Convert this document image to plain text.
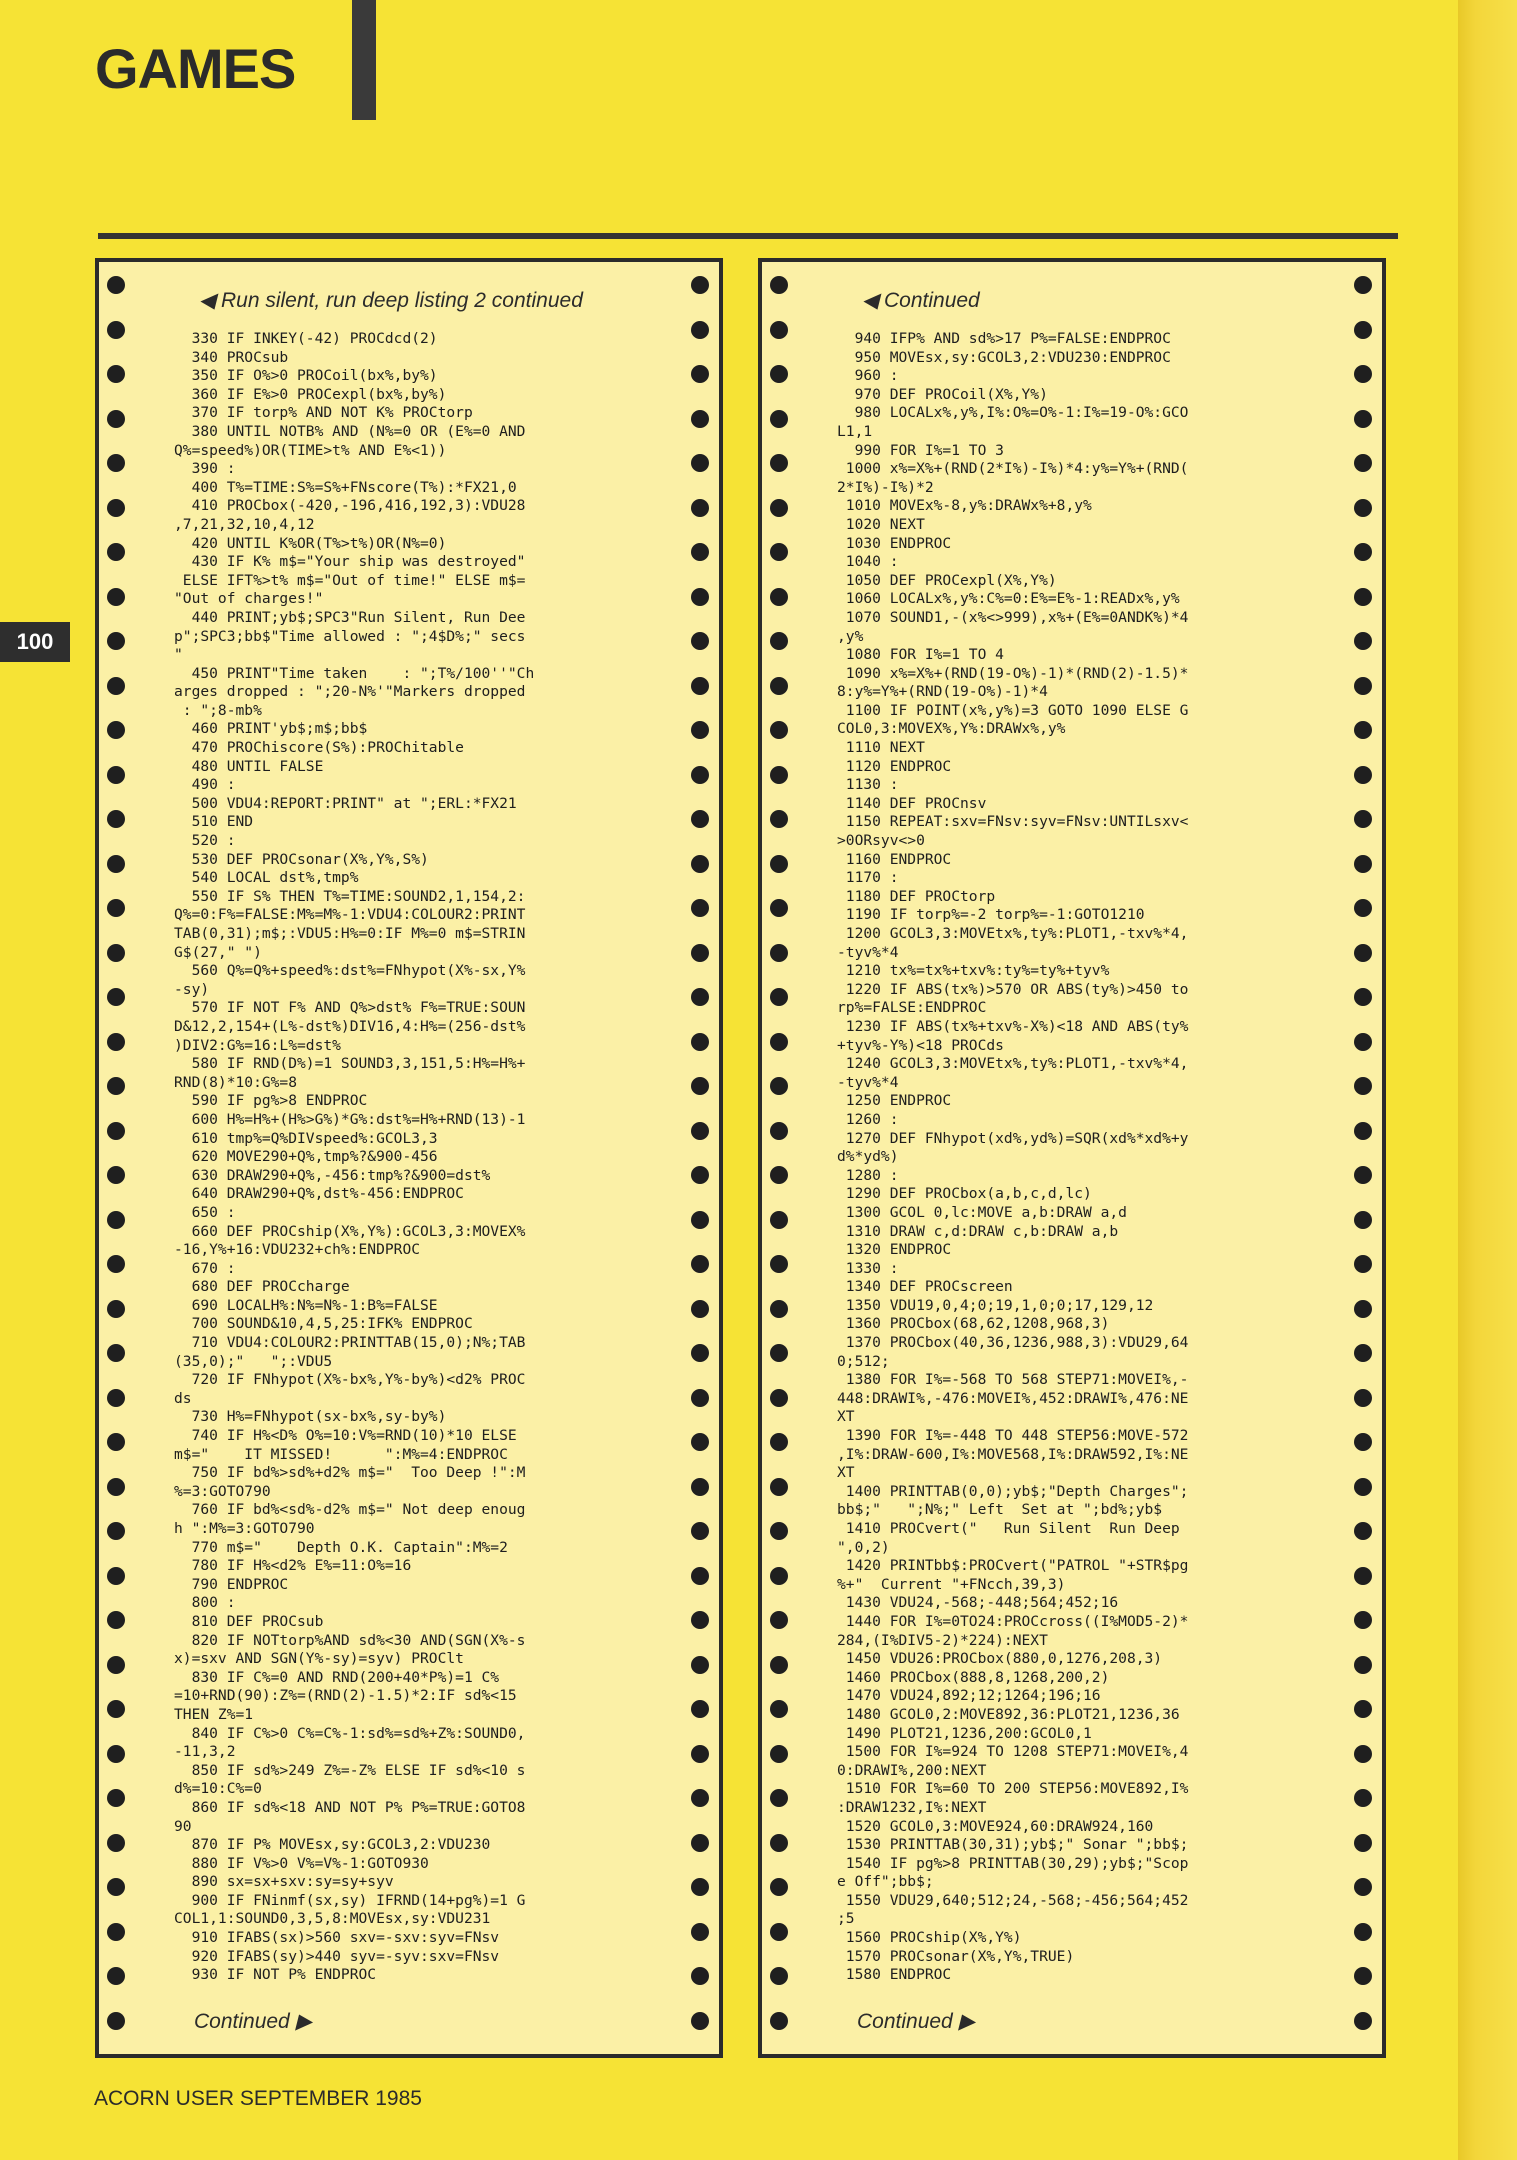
GAMES
100
◀ Run silent, run deep listing 2 continued
330 IF INKEY(-42) PROCdcd(2)
340 PROCsub
350 IF O%>0 PROCoil(bx%,by%)
360 IF E%>0 PROCexpl(bx%,by%)
370 IF torp% AND NOT K% PROCtorp
380 UNTIL NOTB% AND (N%=0 OR (E%=0 AND
Q%=speed%)OR(TIME>t% AND E%<1))
390 :
400 T%=TIME:S%=S%+FNscore(T%):*FX21,0
410 PROCbox(-420,-196,416,192,3):VDU28
,7,21,32,10,4,12
420 UNTIL K%OR(T%>t%)OR(N%=0)
430 IF K% m$="Your ship was destroyed"
ELSE IFT%>t% m$="Out of time!" ELSE m$=
"Out of charges!"
440 PRINT;yb$;SPC3"Run Silent, Run Dee
p";SPC3;bb$"Time allowed : ";4$D%;" secs
"
450 PRINT"Time taken    : ";T%/100''"Ch
arges dropped : ";20-N%'"Markers dropped
: ";8-mb%
460 PRINT'yb$;m$;bb$
470 PROChiscore(S%):PROChitable
480 UNTIL FALSE
490 :
500 VDU4:REPORT:PRINT" at ";ERL:*FX21
510 END
520 :
530 DEF PROCsonar(X%,Y%,S%)
540 LOCAL dst%,tmp%
550 IF S% THEN T%=TIME:SOUND2,1,154,2:
Q%=0:F%=FALSE:M%=M%-1:VDU4:COLOUR2:PRINT
TAB(0,31);m$;:VDU5:H%=0:IF M%=0 m$=STRIN
G$(27," ")
560 Q%=Q%+speed%:dst%=FNhypot(X%-sx,Y%
-sy)
570 IF NOT F% AND Q%>dst% F%=TRUE:SOUN
D&12,2,154+(L%-dst%)DIV16,4:H%=(256-dst%
)DIV2:G%=16:L%=dst%
580 IF RND(D%)=1 SOUND3,3,151,5:H%=H%+
RND(8)*10:G%=8
590 IF pg%>8 ENDPROC
600 H%=H%+(H%>G%)*G%:dst%=H%+RND(13)-1
610 tmp%=Q%DIVspeed%:GCOL3,3
620 MOVE290+Q%,tmp%?&900-456
630 DRAW290+Q%,-456:tmp%?&900=dst%
640 DRAW290+Q%,dst%-456:ENDPROC
650 :
660 DEF PROCship(X%,Y%):GCOL3,3:MOVEX%
-16,Y%+16:VDU232+ch%:ENDPROC
670 :
680 DEF PROCcharge
690 LOCALH%:N%=N%-1:B%=FALSE
700 SOUND&10,4,5,25:IFK% ENDPROC
710 VDU4:COLOUR2:PRINTTAB(15,0);N%;TAB
(35,0);"   ";:VDU5
720 IF FNhypot(X%-bx%,Y%-by%)<d2% PROC
ds
730 H%=FNhypot(sx-bx%,sy-by%)
740 IF H%<D% O%=10:V%=RND(10)*10 ELSE
m$="    IT MISSED!      ":M%=4:ENDPROC
750 IF bd%>sd%+d2% m$="  Too Deep !":M
%=3:GOTO790
760 IF bd%<sd%-d2% m$=" Not deep enoug
h ":M%=3:GOTO790
770 m$="    Depth O.K. Captain":M%=2
780 IF H%<d2% E%=11:O%=16
790 ENDPROC
800 :
810 DEF PROCsub
820 IF NOTtorp%AND sd%<30 AND(SGN(X%-s
x)=sxv AND SGN(Y%-sy)=syv) PROClt
830 IF C%=0 AND RND(200+40*P%)=1 C%
=10+RND(90):Z%=(RND(2)-1.5)*2:IF sd%<15
THEN Z%=1
840 IF C%>0 C%=C%-1:sd%=sd%+Z%:SOUND0,
-11,3,2
850 IF sd%>249 Z%=-Z% ELSE IF sd%<10 s
d%=10:C%=0
860 IF sd%<18 AND NOT P% P%=TRUE:GOTO8
90
870 IF P% MOVEsx,sy:GCOL3,2:VDU230
880 IF V%>0 V%=V%-1:GOTO930
890 sx=sx+sxv:sy=sy+syv
900 IF FNinmf(sx,sy) IFRND(14+pg%)=1 G
COL1,1:SOUND0,3,5,8:MOVEsx,sy:VDU231
910 IFABS(sx)>560 sxv=-sxv:syv=FNsv
920 IFABS(sy)>440 syv=-syv:sxv=FNsv
930 IF NOT P% ENDPROC

Continued ▶
◀ Continued
940 IFP% AND sd%>17 P%=FALSE:ENDPROC
950 MOVEsx,sy:GCOL3,2:VDU230:ENDPROC
960 :
970 DEF PROCoil(X%,Y%)
980 LOCALx%,y%,I%:O%=O%-1:I%=19-O%:GCO
L1,1
990 FOR I%=1 TO 3
1000 x%=X%+(RND(2*I%)-I%)*4:y%=Y%+(RND(
2*I%)-I%)*2
1010 MOVEx%-8,y%:DRAWx%+8,y%
1020 NEXT
1030 ENDPROC
1040 :
1050 DEF PROCexpl(X%,Y%)
1060 LOCALx%,y%:C%=0:E%=E%-1:READx%,y%
1070 SOUND1,-(x%<>999),x%+(E%=0ANDK%)*4
,y%
1080 FOR I%=1 TO 4
1090 x%=X%+(RND(19-O%)-1)*(RND(2)-1.5)*
8:y%=Y%+(RND(19-O%)-1)*4
1100 IF POINT(x%,y%)=3 GOTO 1090 ELSE G
COL0,3:MOVEX%,Y%:DRAWx%,y%
1110 NEXT
1120 ENDPROC
1130 :
1140 DEF PROCnsv
1150 REPEAT:sxv=FNsv:syv=FNsv:UNTILsxv<
>0ORsyv<>0
1160 ENDPROC
1170 :
1180 DEF PROCtorp
1190 IF torp%=-2 torp%=-1:GOTO1210
1200 GCOL3,3:MOVEtx%,ty%:PLOT1,-txv%*4,
-tyv%*4
1210 tx%=tx%+txv%:ty%=ty%+tyv%
1220 IF ABS(tx%)>570 OR ABS(ty%)>450 to
rp%=FALSE:ENDPROC
1230 IF ABS(tx%+txv%-X%)<18 AND ABS(ty%
+tyv%-Y%)<18 PROCds
1240 GCOL3,3:MOVEtx%,ty%:PLOT1,-txv%*4,
-tyv%*4
1250 ENDPROC
1260 :
1270 DEF FNhypot(xd%,yd%)=SQR(xd%*xd%+y
d%*yd%)
1280 :
1290 DEF PROCbox(a,b,c,d,lc)
1300 GCOL 0,lc:MOVE a,b:DRAW a,d
1310 DRAW c,d:DRAW c,b:DRAW a,b
1320 ENDPROC
1330 :
1340 DEF PROCscreen
1350 VDU19,0,4;0;19,1,0;0;17,129,12
1360 PROCbox(68,62,1208,968,3)
1370 PROCbox(40,36,1236,988,3):VDU29,64
0;512;
1380 FOR I%=-568 TO 568 STEP71:MOVEI%,-
448:DRAWI%,-476:MOVEI%,452:DRAWI%,476:NE
XT
1390 FOR I%=-448 TO 448 STEP56:MOVE-572
,I%:DRAW-600,I%:MOVE568,I%:DRAW592,I%:NE
XT
1400 PRINTTAB(0,0);yb$;"Depth Charges";
bb$;"   ";N%;" Left  Set at ";bd%;yb$
1410 PROCvert("   Run Silent  Run Deep
",0,2)
1420 PRINTbb$:PROCvert("PATROL "+STR$pg
%+"  Current "+FNcch,39,3)
1430 VDU24,-568;-448;564;452;16
1440 FOR I%=0TO24:PROCcross((I%MOD5-2)*
284,(I%DIV5-2)*224):NEXT
1450 VDU26:PROCbox(880,0,1276,208,3)
1460 PROCbox(888,8,1268,200,2)
1470 VDU24,892;12;1264;196;16
1480 GCOL0,2:MOVE892,36:PLOT21,1236,36
1490 PLOT21,1236,200:GCOL0,1
1500 FOR I%=924 TO 1208 STEP71:MOVEI%,4
0:DRAWI%,200:NEXT
1510 FOR I%=60 TO 200 STEP56:MOVE892,I%
:DRAW1232,I%:NEXT
1520 GCOL0,3:MOVE924,60:DRAW924,160
1530 PRINTTAB(30,31);yb$;" Sonar ";bb$;
1540 IF pg%>8 PRINTTAB(30,29);yb$;"Scop
e Off";bb$;
1550 VDU29,640;512;24,-568;-456;564;452
;5
1560 PROCship(X%,Y%)
1570 PROCsonar(X%,Y%,TRUE)
1580 ENDPROC

Continued ▶
ACORN USER SEPTEMBER 1985
